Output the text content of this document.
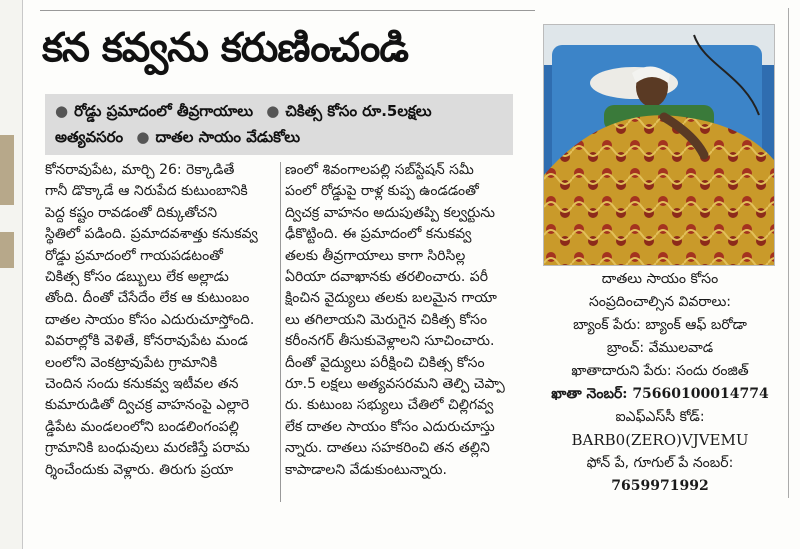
కన కవ్వను కరుణించండి
● రోడ్డు ప్రమాదంలో తీవ్రగాయాలు ● చికిత్స కోసం రూ.5లక్షలు అత్యవసరం ● దాతల సాయం వేడుకోలు
కోనరావుపేట, మార్చి 26: రెక్కాడితే
గానీ డొక్కాడే ఆ నిరుపేద కుటుంబానికి
పెద్ద కష్టం రావడంతో దిక్కుతోచని
స్థితిలో పడింది. ప్రమాదవశాత్తు కనుకవ్వ
రోడ్డు ప్రమాదంలో గాయపడటంతో
చికిత్స కోసం డబ్బులు లేక అల్లాడు
తోంది. దీంతో చేసేదేం లేక ఆ కుటుంబం
దాతల సాయం కోసం ఎదురుచూస్తోంది.
వివరాల్లోకి వెళితే, కోనరావుపేట మండ
లంలోని వెంకట్రావుపేట గ్రామానికి
చెందిన సందు కనుకవ్వ ఇటీవల తన
కుమారుడితో ద్విచక్ర వాహనంపై ఎల్లారె
డ్డిపేట మండలంలోని బండలింగంపల్లి
గ్రామానికి బంధువులు మరణిస్తే పరామ
ర్శించేందుకు వెళ్లారు. తిరుగు ప్రయా
ణంలో శివంగాలపల్లి సబ్‌స్టేషన్ సమీ
పంలో రోడ్డుపై రాళ్ల కుప్ప ఉండడంతో
ద్విచక్ర వాహనం అదుపుతప్పి కల్వర్టును
ఢీకొట్టింది. ఈ ప్రమాదంలో కనుకవ్వ
తలకు తీవ్రగాయాలు కాగా సిరిసిల్ల
ఏరియా దవాఖానకు తరలించారు. పరీ
క్షించిన వైద్యులు తలకు బలమైన గాయా
లు తగిలాయని మెరుగైన చికిత్స కోసం
కరీంనగర్ తీసుకువెళ్లాలని సూచించారు.
దీంతో వైద్యులు పరీక్షించి చికిత్స కోసం
రూ.5 లక్షలు అత్యవసరమని తెల్పి చెప్పా
రు. కుటుంబ సభ్యులు చేతిలో చిల్లిగవ్వ
లేక దాతల సాయం కోసం ఎదురుచూస్తు
న్నారు. దాతలు సహకరించి తన తల్లిని
కాపాడాలని వేడుకుంటున్నారు.
దాతలు సాయం కోసం
సంప్రదించాల్సిన వివరాలు:
బ్యాంక్ పేరు: బ్యాంక్ ఆఫ్ బరోడా
బ్రాంచ్: వేములవాడ
ఖాతాదారుని పేరు: సందు రంజిత్
ఖాతా నెంబర్: 75660100014774
ఐఎఫ్ఎస్‌సీ కోడ్:
BARB0(ZERO)VJVEMU
ఫోన్ పే, గూగుల్ పే నంబర్:
7659971992
